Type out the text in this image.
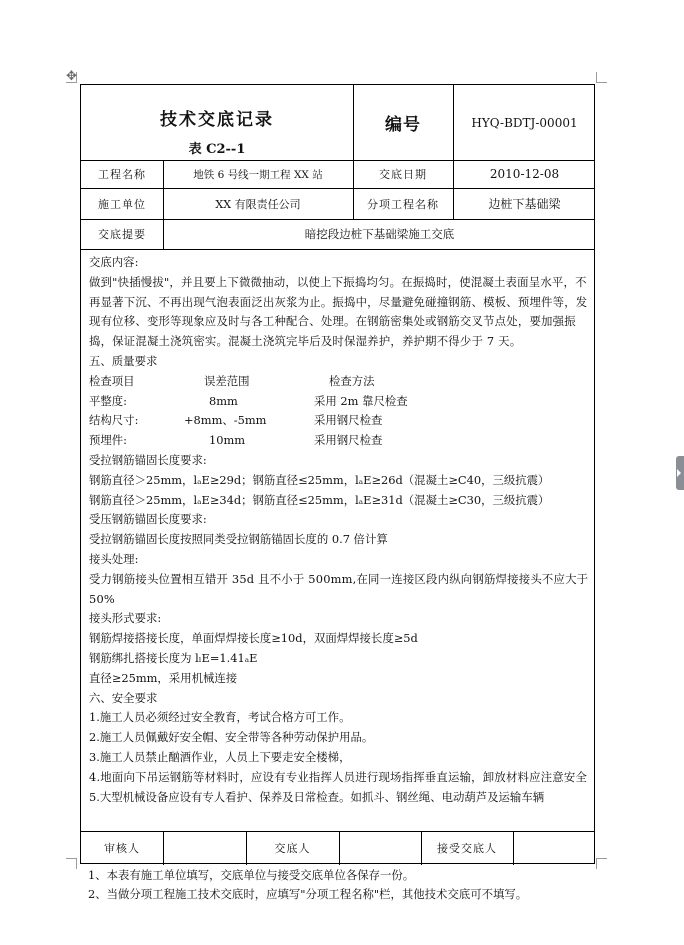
✥
技术交底记录
表 C2--1
编号	HYQ-BDTJ-00001
工程名称	地铁 6 号线一期工程 XX 站	交底日期	2010-12-08
施工单位	XX 有限责任公司	分项工程名称	边桩下基础梁
交底提要	暗挖段边桩下基础梁施工交底
交底内容:
做到"快插慢拔"，并且要上下微微抽动，以使上下振捣均匀。在振捣时，使混凝土表面呈水平，不再显著下沉、不再出现气泡表面泛出灰浆为止。振捣中，尽量避免碰撞钢筋、模板、预埋件等，发现有位移、变形等现象应及时与各工种配合、处理。在钢筋密集处或钢筋交叉节点处，要加强振捣，保证混凝土浇筑密实。混凝土浇筑完毕后及时保湿养护，养护期不得少于 7 天。
五、质量要求
检查项目	误差范围	检查方法
平整度:	8mm	采用 2m 靠尺检查
结构尺寸:	+8mm、-5mm	采用钢尺检查
预埋件:	10mm	采用钢尺检查
受拉钢筋锚固长度要求:
钢筋直径＞25mm，lₐE≥29d；钢筋直径≤25mm，lₐE≥26d（混凝土≥C40，三级抗震）
钢筋直径＞25mm，lₐE≥34d；钢筋直径≤25mm，lₐE≥31d（混凝土≥C30，三级抗震）
受压钢筋锚固长度要求:
受拉钢筋锚固长度按照同类受拉钢筋锚固长度的 0.7 倍计算
接头处理:
受力钢筋接头位置相互错开 35d 且不小于 500mm,在同一连接区段内纵向钢筋焊接接头不应大于 50%
接头形式要求:
钢筋焊接搭接长度，单面焊焊接长度≥10d，双面焊焊接长度≥5d
钢筋绑扎搭接长度为 lₗE=1.41ₐE
直径≥25mm，采用机械连接
六、安全要求
1.施工人员必须经过安全教育，考试合格方可工作。
2.施工人员佩戴好安全帽、安全带等各种劳动保护用品。
3.施工人员禁止酗酒作业，人员上下要走安全楼梯，
4.地面向下吊运钢筋等材料时，应设有专业指挥人员进行现场指挥垂直运输，卸放材料应注意安全
5.大型机械设备应设有专人看护、保养及日常检查。如抓斗、钢丝绳、电动葫芦及运输车辆
审核人	交底人	接受交底人
1、本表有施工单位填写，交底单位与接受交底单位各保存一份。
2、当做分项工程施工技术交底时，应填写"分项工程名称"栏，其他技术交底可不填写。
